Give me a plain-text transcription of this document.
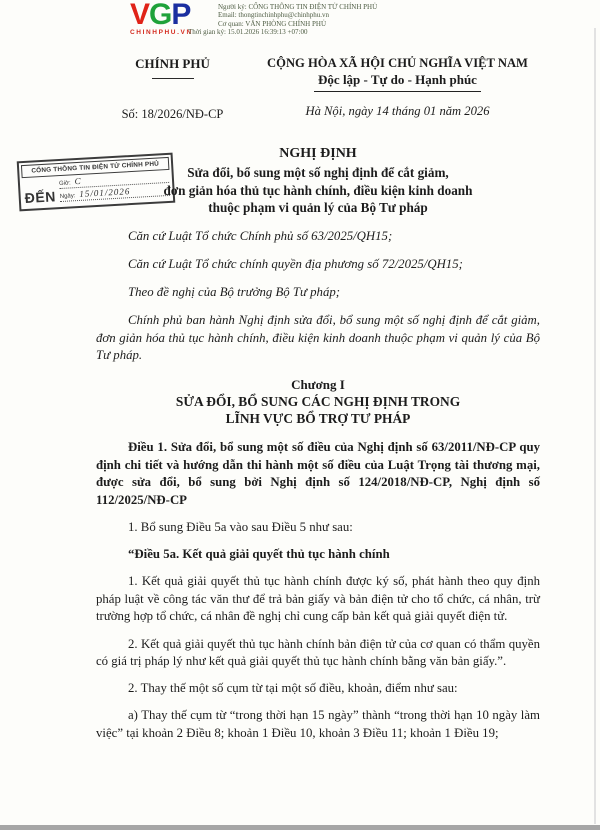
VGP
CHINHPHU.VN
Người ký: CỔNG THÔNG TIN ĐIỆN TỬ CHÍNH PHỦ
Email: thongtinchinhphu@chinhphu.vn
Cơ quan: VĂN PHÒNG CHÍNH PHỦ
Thời gian ký: 15.01.2026 16:39:13 +07:00
CHÍNH PHỦ
Số: 18/2026/NĐ-CP
CỘNG HÒA XÃ HỘI CHỦ NGHĨA VIỆT NAM
Độc lập - Tự do - Hạnh phúc
Hà Nội, ngày 14 tháng 01 năm 2026
CỔNG THÔNG TIN ĐIỆN TỬ CHÍNH PHỦ
ĐẾN
Giờ: C
Ngày: 15/01/2026
NGHỊ ĐỊNH
Sửa đổi, bổ sung một số nghị định để cắt giảm,
đơn giản hóa thủ tục hành chính, điều kiện kinh doanh
thuộc phạm vi quản lý của Bộ Tư pháp

Căn cứ Luật Tổ chức Chính phủ số 63/2025/QH15;

Căn cứ Luật Tổ chức chính quyền địa phương số 72/2025/QH15;

Theo đề nghị của Bộ trưởng Bộ Tư pháp;

Chính phủ ban hành Nghị định sửa đổi, bổ sung một số nghị định để cắt giảm, đơn giản hóa thủ tục hành chính, điều kiện kinh doanh thuộc phạm vi quản lý của Bộ Tư pháp.

Chương I
SỬA ĐỔI, BỔ SUNG CÁC NGHỊ ĐỊNH TRONG
LĨNH VỰC BỔ TRỢ TƯ PHÁP

Điều 1. Sửa đổi, bổ sung một số điều của Nghị định số 63/2011/NĐ-CP quy định chi tiết và hướng dẫn thi hành một số điều của Luật Trọng tài thương mại, được sửa đổi, bổ sung bởi Nghị định số 124/2018/NĐ-CP, Nghị định số 112/2025/NĐ-CP

1. Bổ sung Điều 5a vào sau Điều 5 như sau:

“Điều 5a. Kết quả giải quyết thủ tục hành chính

1. Kết quả giải quyết thủ tục hành chính được ký số, phát hành theo quy định pháp luật về công tác văn thư để trả bản giấy và bản điện tử cho tổ chức, cá nhân, trừ trường hợp tổ chức, cá nhân đề nghị chỉ cung cấp bản kết quả giải quyết điện tử.

2. Kết quả giải quyết thủ tục hành chính bản điện tử của cơ quan có thẩm quyền có giá trị pháp lý như kết quả giải quyết thủ tục hành chính bằng văn bản giấy.”.

2. Thay thế một số cụm từ tại một số điều, khoản, điểm như sau:

a) Thay thế cụm từ “trong thời hạn 15 ngày” thành “trong thời hạn 10 ngày làm việc” tại khoản 2 Điều 8; khoản 1 Điều 10, khoản 3 Điều 11; khoản 1 Điều 19;
